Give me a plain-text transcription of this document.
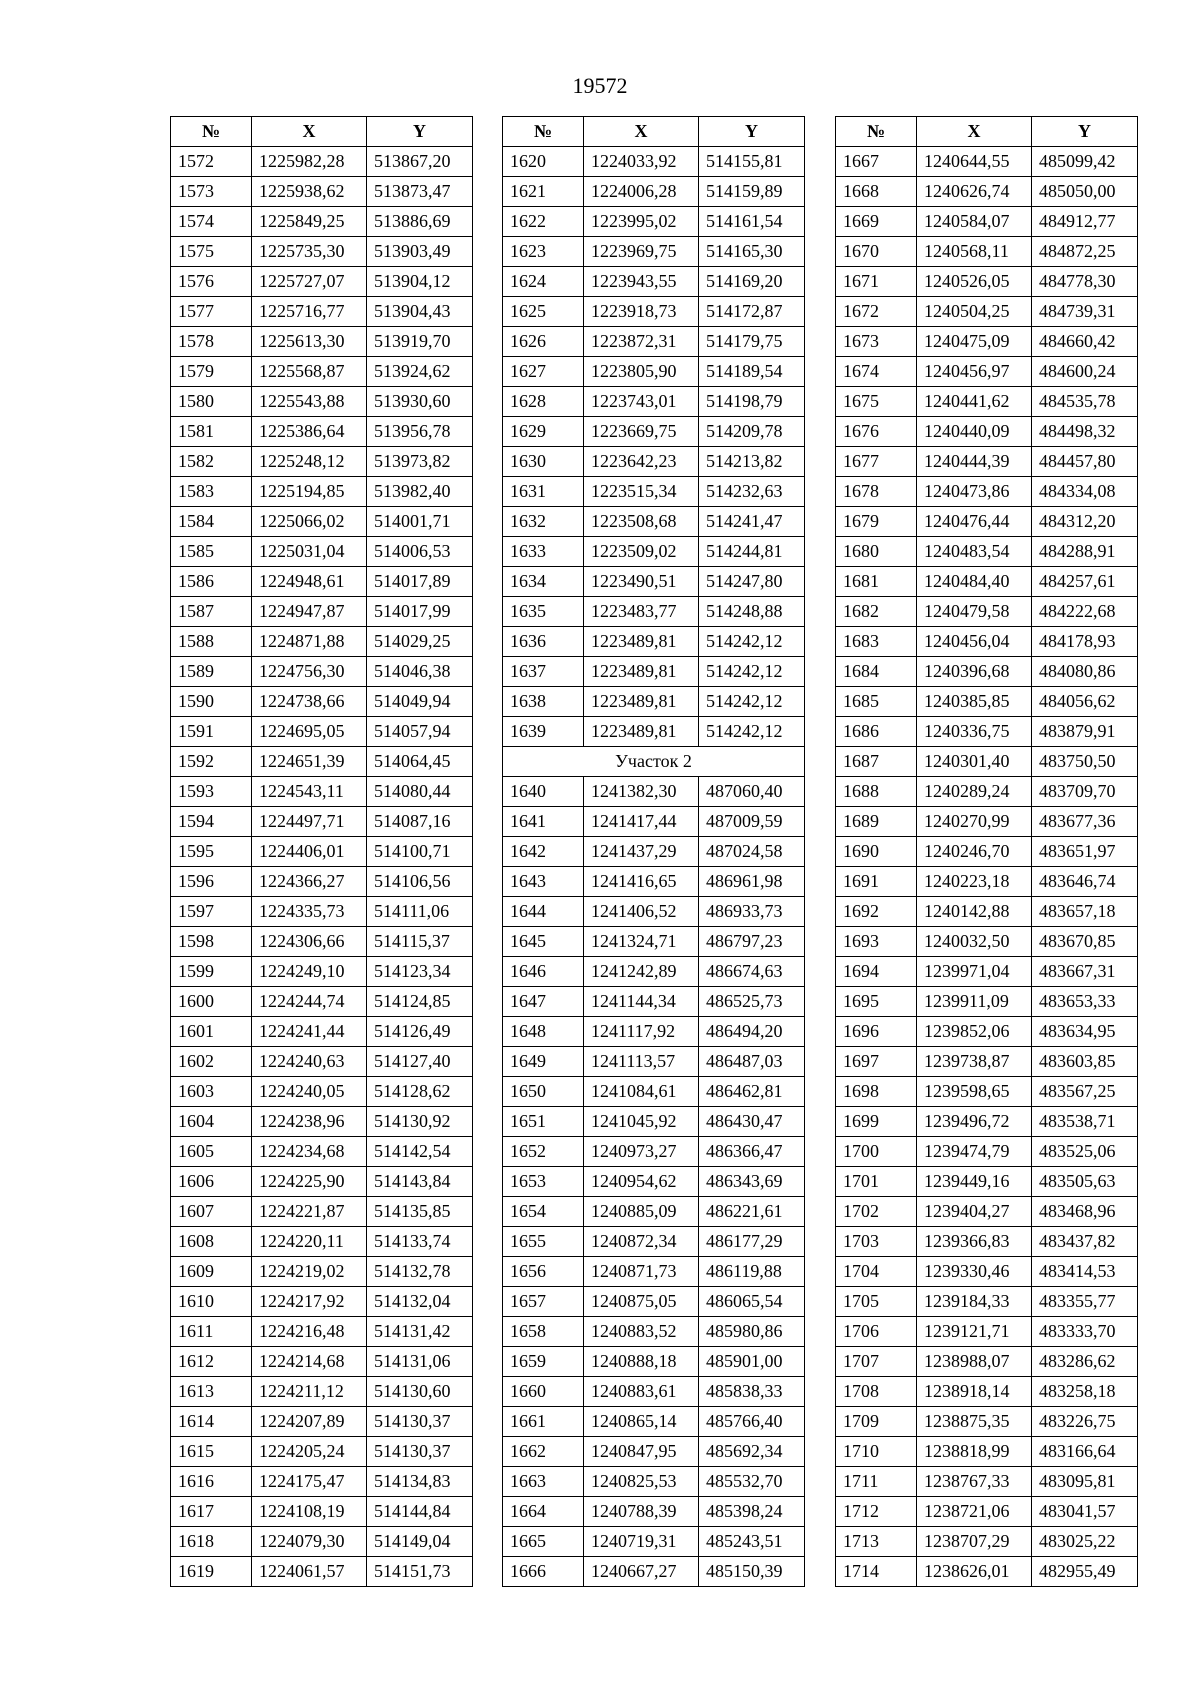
19572
№	X	Y
1572	1225982,28	513867,20
1573	1225938,62	513873,47
1574	1225849,25	513886,69
1575	1225735,30	513903,49
1576	1225727,07	513904,12
1577	1225716,77	513904,43
1578	1225613,30	513919,70
1579	1225568,87	513924,62
1580	1225543,88	513930,60
1581	1225386,64	513956,78
1582	1225248,12	513973,82
1583	1225194,85	513982,40
1584	1225066,02	514001,71
1585	1225031,04	514006,53
1586	1224948,61	514017,89
1587	1224947,87	514017,99
1588	1224871,88	514029,25
1589	1224756,30	514046,38
1590	1224738,66	514049,94
1591	1224695,05	514057,94
1592	1224651,39	514064,45
1593	1224543,11	514080,44
1594	1224497,71	514087,16
1595	1224406,01	514100,71
1596	1224366,27	514106,56
1597	1224335,73	514111,06
1598	1224306,66	514115,37
1599	1224249,10	514123,34
1600	1224244,74	514124,85
1601	1224241,44	514126,49
1602	1224240,63	514127,40
1603	1224240,05	514128,62
1604	1224238,96	514130,92
1605	1224234,68	514142,54
1606	1224225,90	514143,84
1607	1224221,87	514135,85
1608	1224220,11	514133,74
1609	1224219,02	514132,78
1610	1224217,92	514132,04
1611	1224216,48	514131,42
1612	1224214,68	514131,06
1613	1224211,12	514130,60
1614	1224207,89	514130,37
1615	1224205,24	514130,37
1616	1224175,47	514134,83
1617	1224108,19	514144,84
1618	1224079,30	514149,04
1619	1224061,57	514151,73
№	X	Y
1620	1224033,92	514155,81
1621	1224006,28	514159,89
1622	1223995,02	514161,54
1623	1223969,75	514165,30
1624	1223943,55	514169,20
1625	1223918,73	514172,87
1626	1223872,31	514179,75
1627	1223805,90	514189,54
1628	1223743,01	514198,79
1629	1223669,75	514209,78
1630	1223642,23	514213,82
1631	1223515,34	514232,63
1632	1223508,68	514241,47
1633	1223509,02	514244,81
1634	1223490,51	514247,80
1635	1223483,77	514248,88
1636	1223489,81	514242,12
1637	1223489,81	514242,12
1638	1223489,81	514242,12
1639	1223489,81	514242,12
Участок 2		
1640	1241382,30	487060,40
1641	1241417,44	487009,59
1642	1241437,29	487024,58
1643	1241416,65	486961,98
1644	1241406,52	486933,73
1645	1241324,71	486797,23
1646	1241242,89	486674,63
1647	1241144,34	486525,73
1648	1241117,92	486494,20
1649	1241113,57	486487,03
1650	1241084,61	486462,81
1651	1241045,92	486430,47
1652	1240973,27	486366,47
1653	1240954,62	486343,69
1654	1240885,09	486221,61
1655	1240872,34	486177,29
1656	1240871,73	486119,88
1657	1240875,05	486065,54
1658	1240883,52	485980,86
1659	1240888,18	485901,00
1660	1240883,61	485838,33
1661	1240865,14	485766,40
1662	1240847,95	485692,34
1663	1240825,53	485532,70
1664	1240788,39	485398,24
1665	1240719,31	485243,51
1666	1240667,27	485150,39
№	X	Y
1667	1240644,55	485099,42
1668	1240626,74	485050,00
1669	1240584,07	484912,77
1670	1240568,11	484872,25
1671	1240526,05	484778,30
1672	1240504,25	484739,31
1673	1240475,09	484660,42
1674	1240456,97	484600,24
1675	1240441,62	484535,78
1676	1240440,09	484498,32
1677	1240444,39	484457,80
1678	1240473,86	484334,08
1679	1240476,44	484312,20
1680	1240483,54	484288,91
1681	1240484,40	484257,61
1682	1240479,58	484222,68
1683	1240456,04	484178,93
1684	1240396,68	484080,86
1685	1240385,85	484056,62
1686	1240336,75	483879,91
1687	1240301,40	483750,50
1688	1240289,24	483709,70
1689	1240270,99	483677,36
1690	1240246,70	483651,97
1691	1240223,18	483646,74
1692	1240142,88	483657,18
1693	1240032,50	483670,85
1694	1239971,04	483667,31
1695	1239911,09	483653,33
1696	1239852,06	483634,95
1697	1239738,87	483603,85
1698	1239598,65	483567,25
1699	1239496,72	483538,71
1700	1239474,79	483525,06
1701	1239449,16	483505,63
1702	1239404,27	483468,96
1703	1239366,83	483437,82
1704	1239330,46	483414,53
1705	1239184,33	483355,77
1706	1239121,71	483333,70
1707	1238988,07	483286,62
1708	1238918,14	483258,18
1709	1238875,35	483226,75
1710	1238818,99	483166,64
1711	1238767,33	483095,81
1712	1238721,06	483041,57
1713	1238707,29	483025,22
1714	1238626,01	482955,49
